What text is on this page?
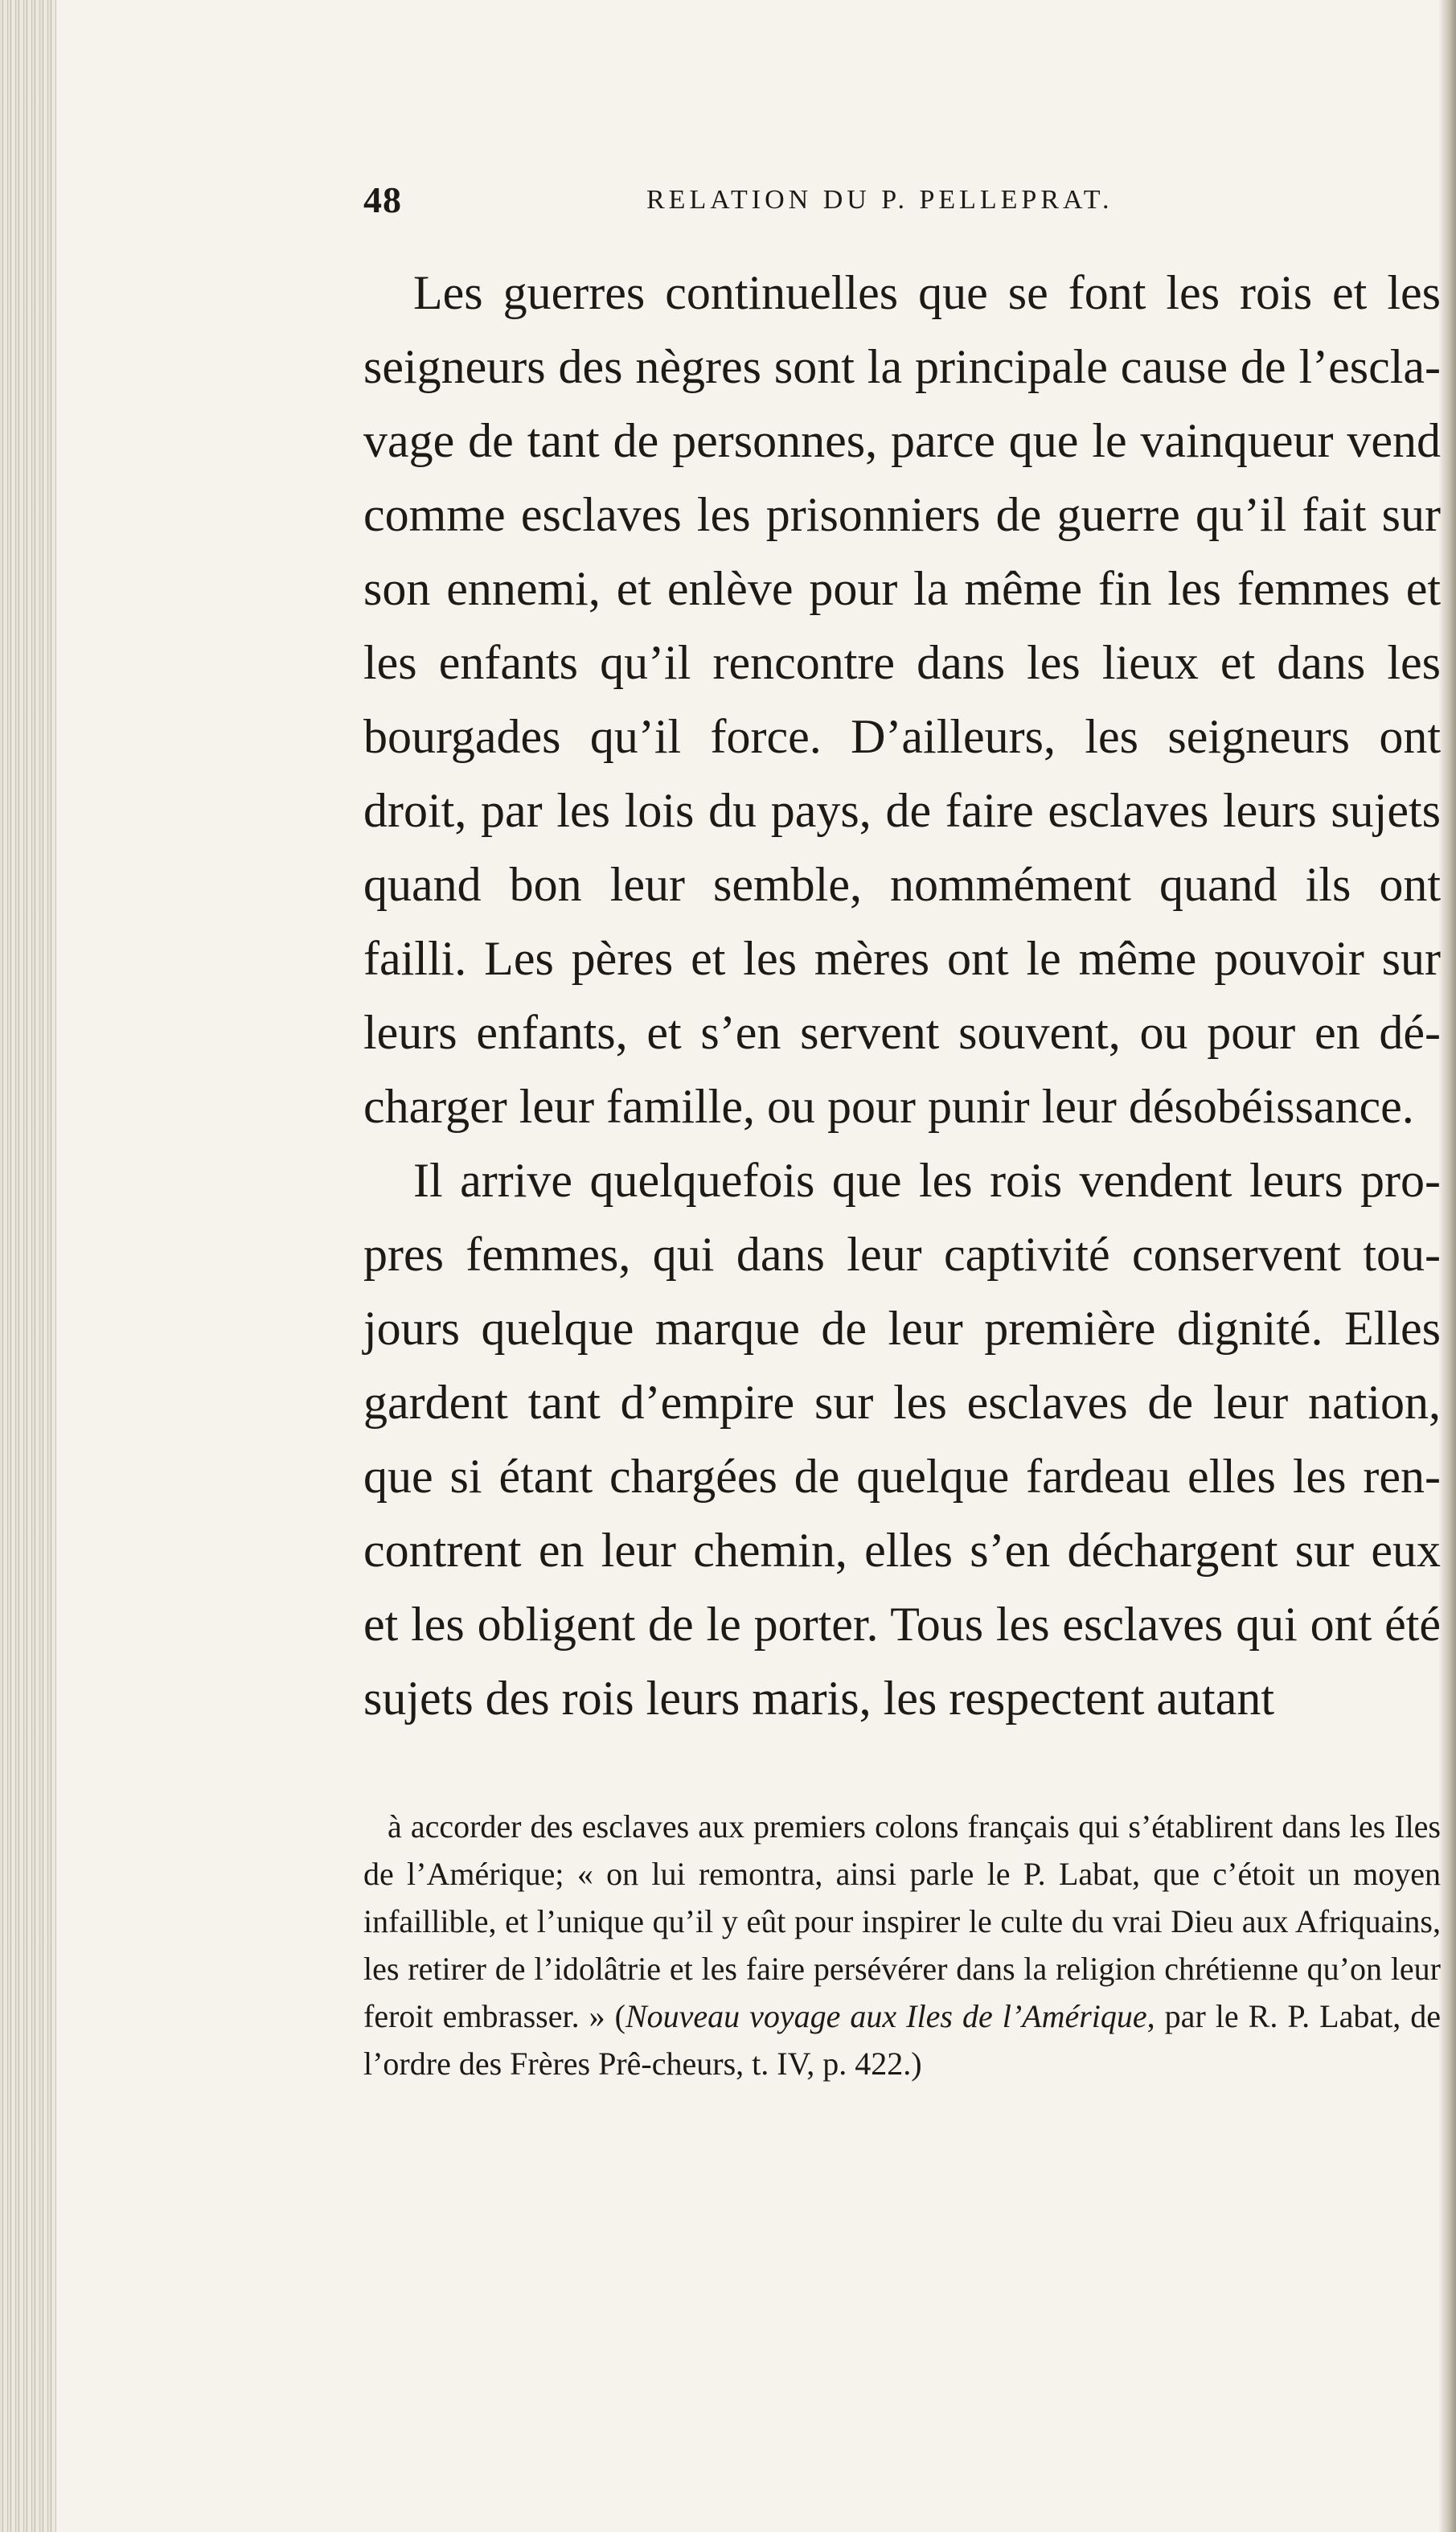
48	RELATION DU P. PELLEPRAT.

Les guerres continuelles que se font les rois et les seigneurs des nègres sont la principale cause de l’escla-vage de tant de personnes, parce que le vainqueur vend comme esclaves les prisonniers de guerre qu’il fait sur son ennemi, et enlève pour la même fin les femmes et les enfants qu’il rencontre dans les lieux et dans les bourgades qu’il force. D’ailleurs, les seigneurs ont droit, par les lois du pays, de faire esclaves leurs sujets quand bon leur semble, nommément quand ils ont failli. Les pères et les mères ont le même pouvoir sur leurs enfants, et s’en servent souvent, ou pour en dé-charger leur famille, ou pour punir leur désobéissance.

Il arrive quelquefois que les rois vendent leurs pro-pres femmes, qui dans leur captivité conservent tou-jours quelque marque de leur première dignité. Elles gardent tant d’empire sur les esclaves de leur nation, que si étant chargées de quelque fardeau elles les ren-contrent en leur chemin, elles s’en déchargent sur eux et les obligent de le porter. Tous les esclaves qui ont été sujets des rois leurs maris, les respectent autant

à accorder des esclaves aux premiers colons français qui s’établirent dans les Iles de l’Amérique; « on lui remontra, ainsi parle le P. Labat, que c’étoit un moyen infaillible, et l’unique qu’il y eût pour inspirer le culte du vrai Dieu aux Afriquains, les retirer de l’idolâtrie et les faire persévérer dans la religion chrétienne qu’on leur feroit embrasser. » (Nouveau voyage aux Iles de l’Amérique, par le R. P. Labat, de l’ordre des Frères Prê-cheurs, t. IV, p. 422.)
